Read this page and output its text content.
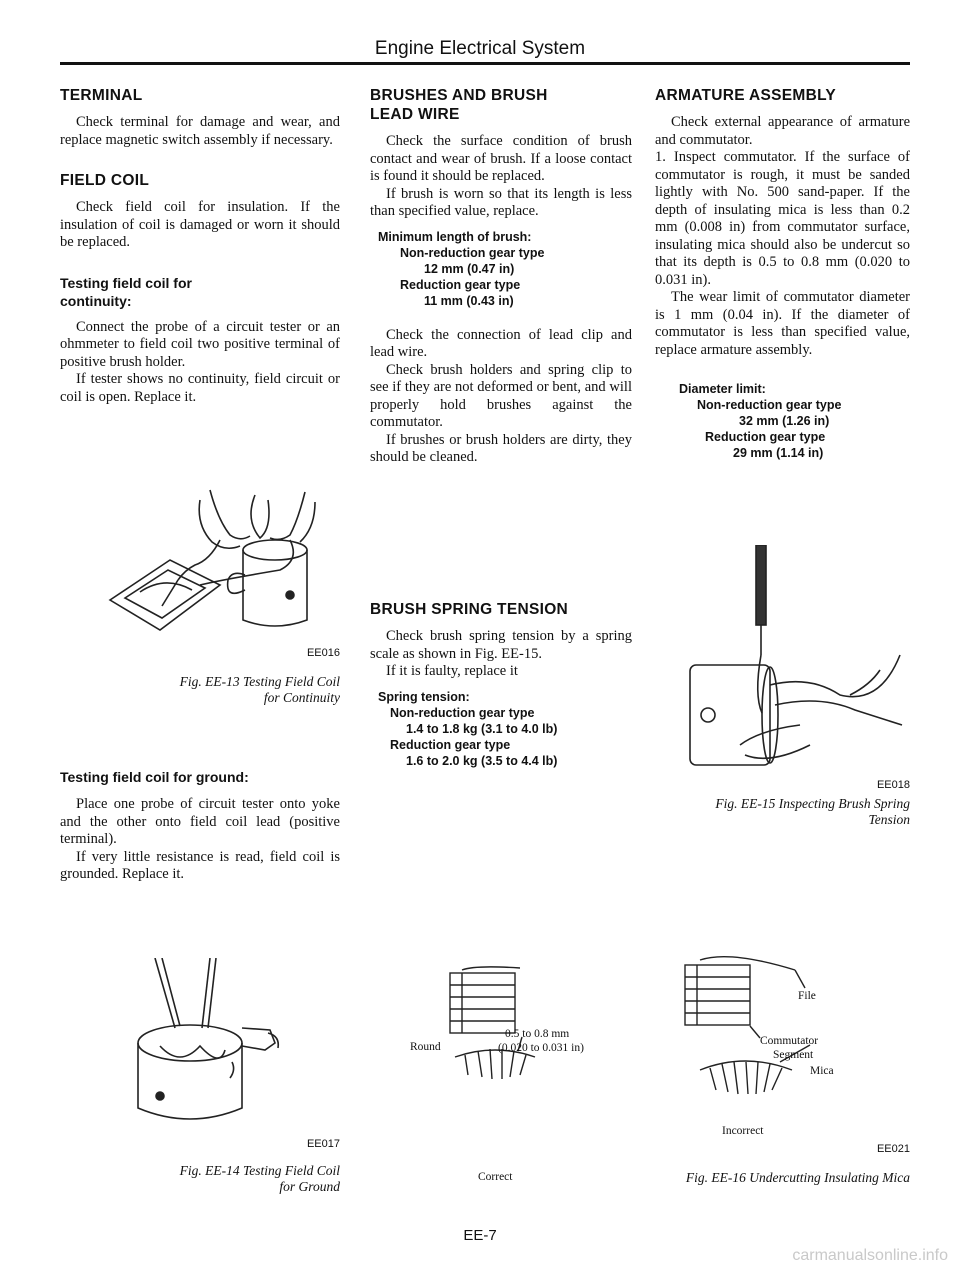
Engine Electrical System

TERMINAL

Check terminal for damage and wear, and replace magnetic switch assembly if necessary.

FIELD COIL

Check field coil for insulation. If the insulation of coil is damaged or worn it should be replaced.

Testing field coil for

continuity:

Connect the probe of a circuit tester or an ohmmeter to field coil two positive terminal of positive brush holder.

If tester shows no continuity, field circuit or coil is open. Replace it.

EE016
Fig. EE-13 Testing Field Coil
for Continuity

Testing field coil for ground:

Place one probe of circuit tester onto yoke and the other onto field coil lead (positive terminal).

If very little resistance is read, field coil is grounded. Replace it.

EE017
Fig. EE-14 Testing Field Coil
for Ground

BRUSHES AND BRUSH

LEAD WIRE

Check the surface condition of brush contact and wear of brush. If a loose contact is found it should be replaced.

If brush is worn so that its length is less than specified value, replace.

Minimum length of brush:
Non-reduction gear type
12 mm (0.47 in)
Reduction gear type
11 mm (0.43 in)

Check the connection of lead clip and lead wire.

Check brush holders and spring clip to see if they are not deformed or bent, and will properly hold brushes against the commutator.

If brushes or brush holders are dirty, they should be cleaned.

BRUSH SPRING TENSION

Check brush spring tension by a spring scale as shown in Fig. EE-15.

If it is faulty, replace it

Spring tension:
Non-reduction gear type
1.4 to 1.8 kg (3.1 to 4.0 lb)
Reduction gear type
1.6 to 2.0 kg (3.5 to 4.4 lb)
Round
0.5 to 0.8 mm
(0.020 to 0.031 in)
Correct

ARMATURE ASSEMBLY

Check external appearance of armature and commutator.

1. Inspect commutator. If the surface of commutator is rough, it must be sanded lightly with No. 500 sand-paper. If the depth of insulating mica is less than 0.2 mm (0.008 in) from commutator surface, insulating mica should also be undercut so that its depth is 0.5 to 0.8 mm (0.020 to 0.031 in).

The wear limit of commutator diameter is 1 mm (0.04 in). If the diameter of commutator is less than specified value, replace armature assembly.

Diameter limit:
Non-reduction gear type
32 mm (1.26 in)
Reduction gear type
29 mm (1.14 in)
EE018
Fig. EE-15 Inspecting Brush Spring
Tension
File
Commutator
Segment
Mica
Incorrect
EE021
Fig. EE-16 Undercutting Insulating Mica
EE-7
carmanualsonline.info
